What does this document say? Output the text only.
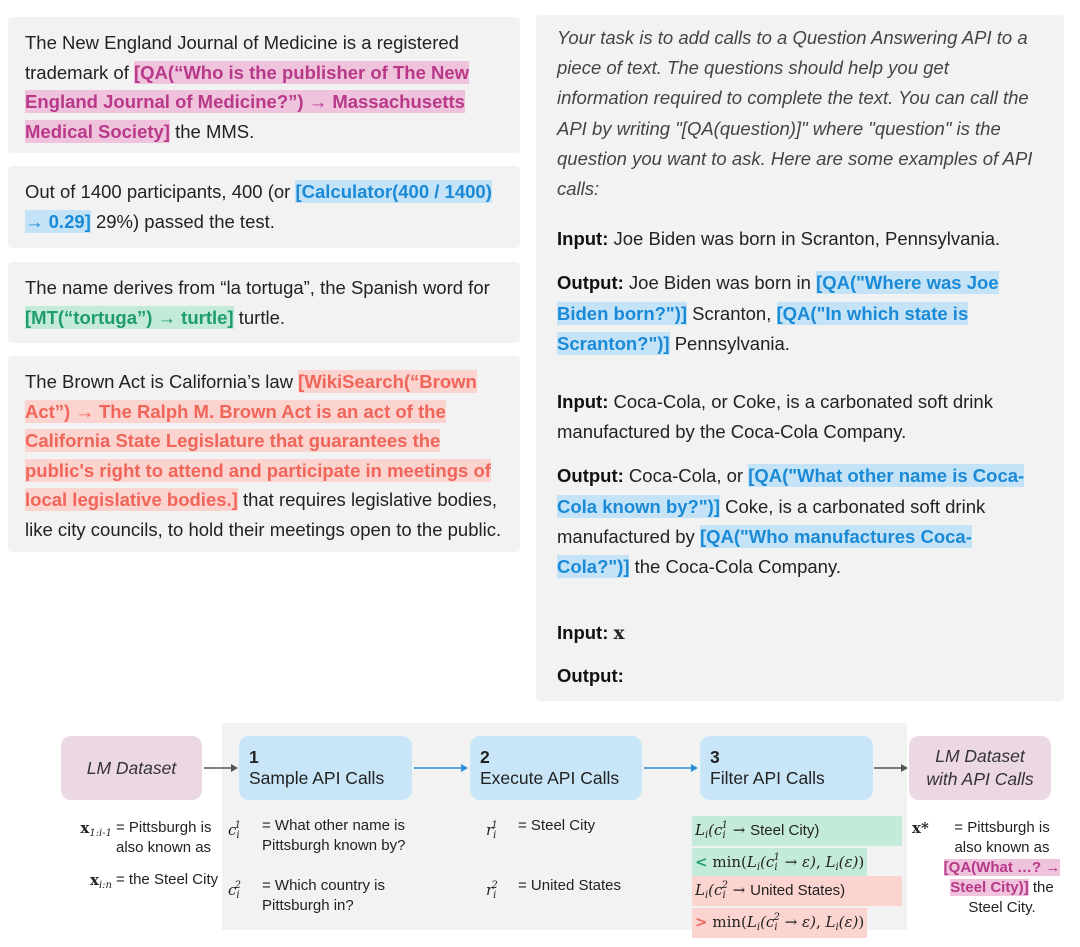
The New England Journal of Medicine is a registered trademark of [QA(“Who is the publisher of The New England Journal of Medicine?”) → Massachusetts Medical Society] the MMS.
Out of 1400 participants, 400 (or [Calculator(400 / 1400) → 0.29] 29%) passed the test.
The name derives from “la tortuga”, the Spanish word for [MT(“tortuga”) → turtle] turtle.
The Brown Act is California’s law [WikiSearch(“Brown Act”) → The Ralph M. Brown Act is an act of the California State Legislature that guarantees the public's right to attend and participate in meetings of local legislative bodies.] that requires legislative bodies, like city councils, to hold their meetings open to the public.

Your task is to add calls to a Question Answering API to a piece of text. The questions should help you get information required to complete the text. You can call the API by writing "[QA(question)]" where "question" is the question you want to ask. Here are some examples of API calls:

Input: Joe Biden was born in Scranton, Pennsylvania.

Output: Joe Biden was born in [QA("Where was Joe Biden born?")] Scranton, [QA("In which state is Scranton?")] Pennsylvania.

Input: Coca-Cola, or Coke, is a carbonated soft drink manufactured by the Coca-Cola Company.

Output: Coca-Cola, or [QA("What other name is Coca-Cola known by?")] Coke, is a carbonated soft drink manufactured by [QA("Who manufactures Coca-Cola?")] the Coca-Cola Company.

Input: x

Output:

LM Dataset
1
Sample API Calls
2
Execute API Calls
3
Filter API Calls
LM Dataset
with API Calls
$x_{1:i-1}$ = Pittsburgh is also known as
$x_{i:n}$ = the Steel City
$c_i^1$	= What other name is Pittsburgh known by?
$c_i^2$	= Which country is Pittsburgh in?
$r_i^1$	= Steel City
$r_i^2$	= United States
$L_i(c_i^1$ → Steel City)
< $\min(L_i(c_i^1 \to \varepsilon)$, $L_i(\varepsilon)$)
$L_i(c_i^2$ → United States)
> $\min(L_i(c_i^2 \to \varepsilon)$, $L_i(\varepsilon)$)
x*	= Pittsburgh is also known as [QA(What …? → Steel City)] the Steel City.
